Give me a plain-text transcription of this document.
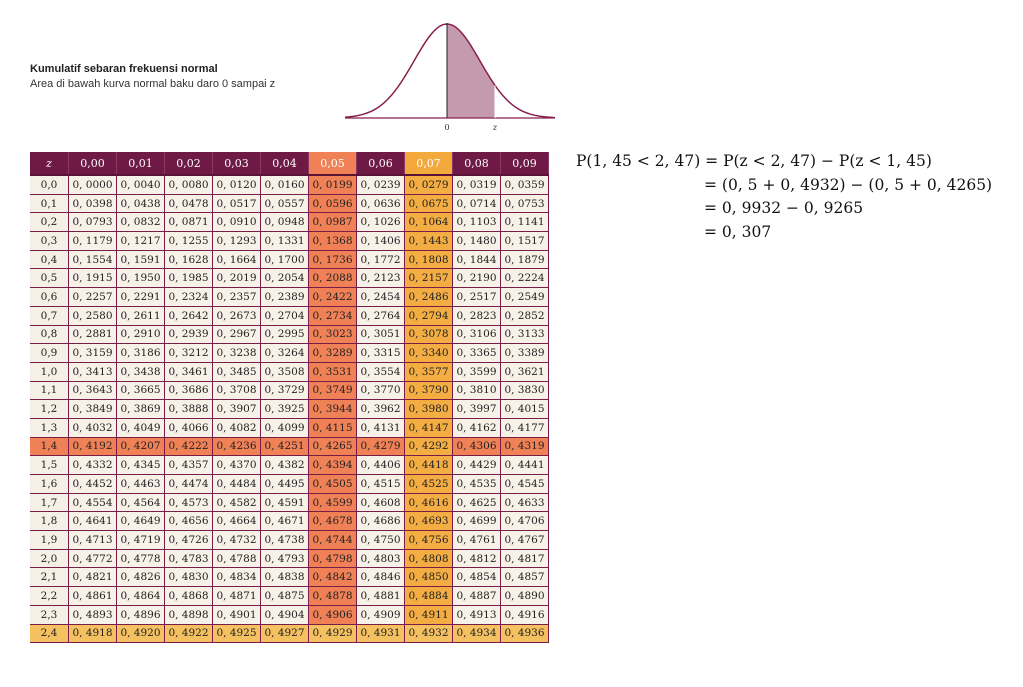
Kumulatif sebaran frekuensi normal
Area di bawah kurva normal baku daro 0 sampai z
0	z
z	0,00	0,01	0,02	0,03	0,04	0,05	0,06	0,07	0,08	0,09
0,0	0, 0000	0, 0040	0, 0080	0, 0120	0, 0160	0, 0199	0, 0239	0, 0279	0, 0319	0, 0359
0,1	0, 0398	0, 0438	0, 0478	0, 0517	0, 0557	0, 0596	0, 0636	0, 0675	0, 0714	0, 0753
0,2	0, 0793	0, 0832	0, 0871	0, 0910	0, 0948	0, 0987	0, 1026	0, 1064	0, 1103	0, 1141
0,3	0, 1179	0, 1217	0, 1255	0, 1293	0, 1331	0, 1368	0, 1406	0, 1443	0, 1480	0, 1517
0,4	0, 1554	0, 1591	0, 1628	0, 1664	0, 1700	0, 1736	0, 1772	0, 1808	0, 1844	0, 1879
0,5	0, 1915	0, 1950	0, 1985	0, 2019	0, 2054	0, 2088	0, 2123	0, 2157	0, 2190	0, 2224
0,6	0, 2257	0, 2291	0, 2324	0, 2357	0, 2389	0, 2422	0, 2454	0, 2486	0, 2517	0, 2549
0,7	0, 2580	0, 2611	0, 2642	0, 2673	0, 2704	0, 2734	0, 2764	0, 2794	0, 2823	0, 2852
0,8	0, 2881	0, 2910	0, 2939	0, 2967	0, 2995	0, 3023	0, 3051	0, 3078	0, 3106	0, 3133
0,9	0, 3159	0, 3186	0, 3212	0, 3238	0, 3264	0, 3289	0, 3315	0, 3340	0, 3365	0, 3389
1,0	0, 3413	0, 3438	0, 3461	0, 3485	0, 3508	0, 3531	0, 3554	0, 3577	0, 3599	0, 3621
1,1	0, 3643	0, 3665	0, 3686	0, 3708	0, 3729	0, 3749	0, 3770	0, 3790	0, 3810	0, 3830
1,2	0, 3849	0, 3869	0, 3888	0, 3907	0, 3925	0, 3944	0, 3962	0, 3980	0, 3997	0, 4015
1,3	0, 4032	0, 4049	0, 4066	0, 4082	0, 4099	0, 4115	0, 4131	0, 4147	0, 4162	0, 4177
1,4	0, 4192	0, 4207	0, 4222	0, 4236	0, 4251	0, 4265	0, 4279	0, 4292	0, 4306	0, 4319
1,5	0, 4332	0, 4345	0, 4357	0, 4370	0, 4382	0, 4394	0, 4406	0, 4418	0, 4429	0, 4441
1,6	0, 4452	0, 4463	0, 4474	0, 4484	0, 4495	0, 4505	0, 4515	0, 4525	0, 4535	0, 4545
1,7	0, 4554	0, 4564	0, 4573	0, 4582	0, 4591	0, 4599	0, 4608	0, 4616	0, 4625	0, 4633
1,8	0, 4641	0, 4649	0, 4656	0, 4664	0, 4671	0, 4678	0, 4686	0, 4693	0, 4699	0, 4706
1,9	0, 4713	0, 4719	0, 4726	0, 4732	0, 4738	0, 4744	0, 4750	0, 4756	0, 4761	0, 4767
2,0	0, 4772	0, 4778	0, 4783	0, 4788	0, 4793	0, 4798	0, 4803	0, 4808	0, 4812	0, 4817
2,1	0, 4821	0, 4826	0, 4830	0, 4834	0, 4838	0, 4842	0, 4846	0, 4850	0, 4854	0, 4857
2,2	0, 4861	0, 4864	0, 4868	0, 4871	0, 4875	0, 4878	0, 4881	0, 4884	0, 4887	0, 4890
2,3	0, 4893	0, 4896	0, 4898	0, 4901	0, 4904	0, 4906	0, 4909	0, 4911	0, 4913	0, 4916
2,4	0, 4918	0, 4920	0, 4922	0, 4925	0, 4927	0, 4929	0, 4931	0, 4932	0, 4934	0, 4936
P(1, 45 < 2, 47) = P(z < 2, 47) − P(z < 1, 45)
= (0, 5 + 0, 4932) − (0, 5 + 0, 4265)
= 0, 9932 − 0, 9265
= 0, 307
